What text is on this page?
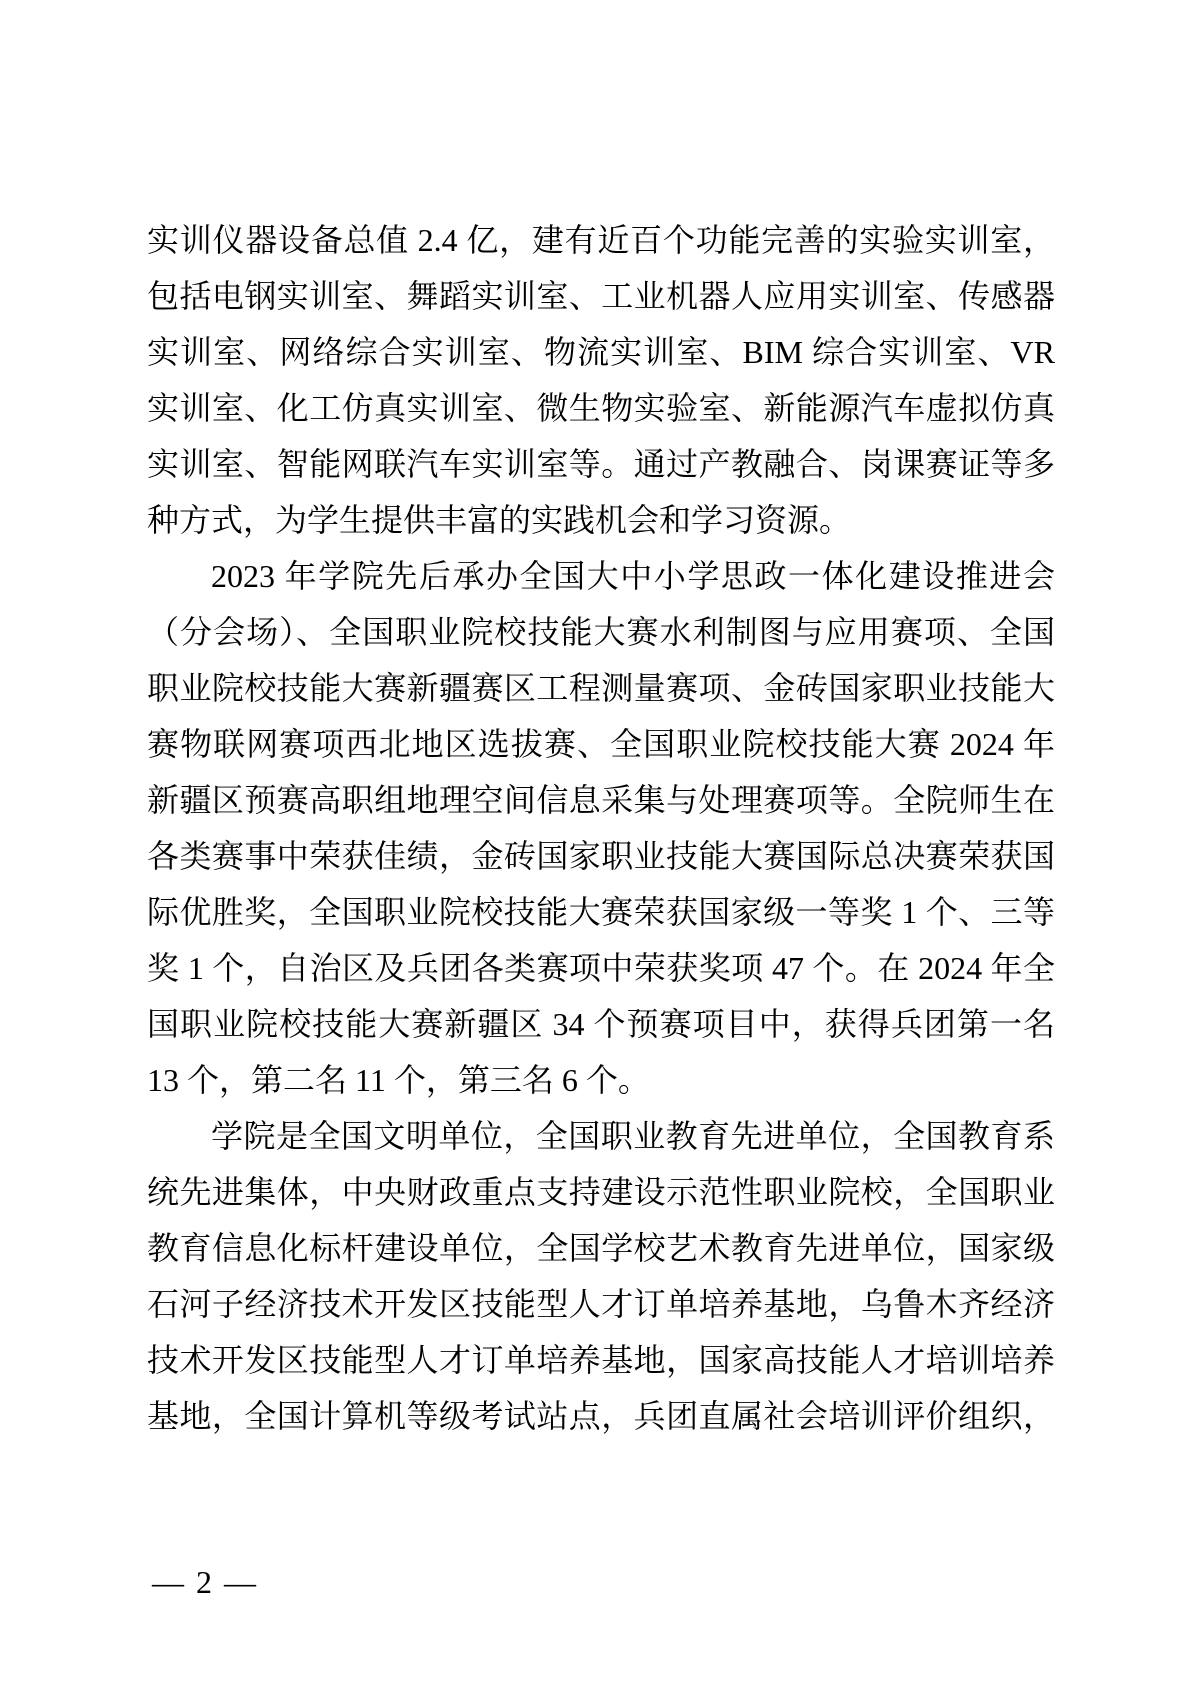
实训仪器设备总值 2.4 亿，建有近百个功能完善的实验实训室，
包括电钢实训室、舞蹈实训室、工业机器人应用实训室、传感器
实训室、网络综合实训室、物流实训室、BIM 综合实训室、VR
实训室、化工仿真实训室、微生物实验室、新能源汽车虚拟仿真
实训室、智能网联汽车实训室等。通过产教融合、岗课赛证等多
种方式，为学生提供丰富的实践机会和学习资源。
2023 年学院先后承办全国大中小学思政一体化建设推进会
（分会场）、全国职业院校技能大赛水利制图与应用赛项、全国
职业院校技能大赛新疆赛区工程测量赛项、金砖国家职业技能大
赛物联网赛项西北地区选拔赛、全国职业院校技能大赛 2024 年
新疆区预赛高职组地理空间信息采集与处理赛项等。全院师生在
各类赛事中荣获佳绩，金砖国家职业技能大赛国际总决赛荣获国
际优胜奖，全国职业院校技能大赛荣获国家级一等奖 1 个、三等
奖 1 个，自治区及兵团各类赛项中荣获奖项 47 个。在 2024 年全
国职业院校技能大赛新疆区 34 个预赛项目中，获得兵团第一名
13 个，第二名 11 个，第三名 6 个。
学院是全国文明单位，全国职业教育先进单位，全国教育系
统先进集体，中央财政重点支持建设示范性职业院校，全国职业
教育信息化标杆建设单位，全国学校艺术教育先进单位，国家级
石河子经济技术开发区技能型人才订单培养基地，乌鲁木齐经济
技术开发区技能型人才订单培养基地，国家高技能人才培训培养
基地，全国计算机等级考试站点，兵团直属社会培训评价组织，
— 2 —
